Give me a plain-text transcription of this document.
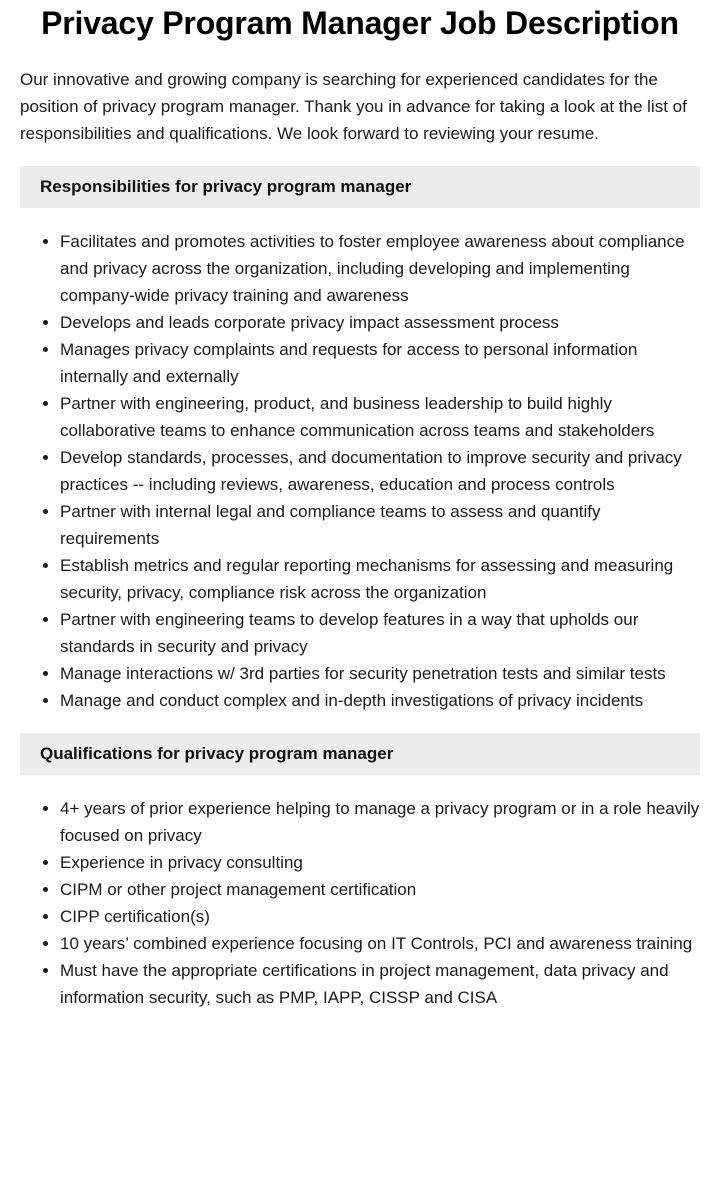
Privacy Program Manager Job Description

Our innovative and growing company is searching for experienced candidates for the position of privacy program manager. Thank you in advance for taking a look at the list of responsibilities and qualifications. We look forward to reviewing your resume.

Responsibilities for privacy program manager
• Facilitates and promotes activities to foster employee awareness about compliance and privacy across the organization, including developing and implementing company-wide privacy training and awareness
• Develops and leads corporate privacy impact assessment process
• Manages privacy complaints and requests for access to personal information internally and externally
• Partner with engineering, product, and business leadership to build highly collaborative teams to enhance communication across teams and stakeholders
• Develop standards, processes, and documentation to improve security and privacy practices -- including reviews, awareness, education and process controls
• Partner with internal legal and compliance teams to assess and quantify requirements
• Establish metrics and regular reporting mechanisms for assessing and measuring security, privacy, compliance risk across the organization
• Partner with engineering teams to develop features in a way that upholds our standards in security and privacy
• Manage interactions w/ 3rd parties for security penetration tests and similar tests
• Manage and conduct complex and in-depth investigations of privacy incidents
Qualifications for privacy program manager
• 4+ years of prior experience helping to manage a privacy program or in a role heavily focused on privacy
• Experience in privacy consulting
• CIPM or other project management certification
• CIPP certification(s)
• 10 years’ combined experience focusing on IT Controls, PCI and awareness training
• Must have the appropriate certifications in project management, data privacy and information security, such as PMP, IAPP, CISSP and CISA
